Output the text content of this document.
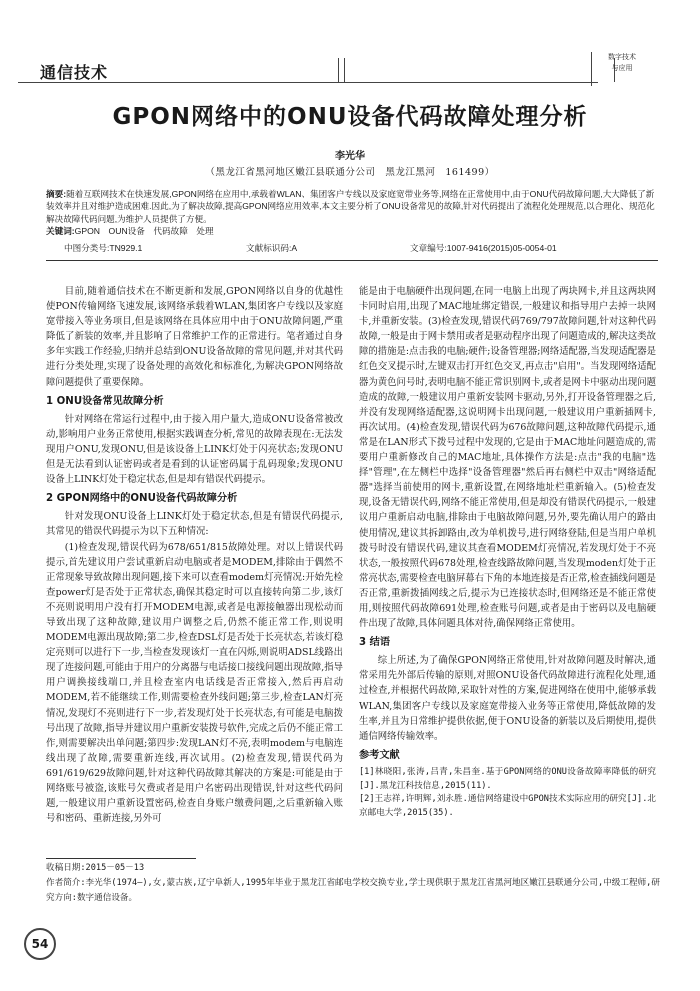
通信技术
数字技术
与应用
GPON网络中的ONU设备代码故障处理分析
李光华
（黑龙江省黑河地区嫩江县联通分公司　黑龙江黑河　161499）
摘要:随着互联网技术在快速发展,GPON网络在应用中,承载着WLAN、集团客户专线以及家庭宽带业务等,网络在正常使用中,由于ONU代码故障问题,大大降低了新装效率并且对维护造成困难.因此,为了解决故障,提高GPON网络应用效率,本文主要分析了ONU设备常见的故障,针对代码提出了流程化处理规范,以合理化、规范化解决故障代码问题,为维护人员提供了方便。
关键词:GPON　OUN设备　代码故障　处理
中图分类号:TN929.1	文献标识码:A	文章编号:1007-9416(2015)05-0054-01

目前,随着通信技术在不断更新和发展,GPON网络以自身的优越性使PON传输网络飞速发展,该网络承载着WLAN,集团客户专线以及家庭宽带接入等业务项目,但是该网络在具体应用中由于ONU故障问题,严重降低了新装的效率,并且影响了日常维护工作的正常进行。笔者通过自身多年实践工作经验,归纳并总结到ONU设备故障的常见问题,并对其代码进行分类处理,实现了设备处理的高效化和标准化,为解决GPON网络故障问题提供了重要保障。

1 ONU设备常见故障分析

针对网络在常运行过程中,由于接入用户量大,造成ONU设备常被改动,影响用户业务正常使用,根据实践调查分析,常见的故障表现在:无法发现用户ONU,发现ONU,但是该设备上LINK灯处于闪亮状态;发现ONU但是无法看到认证密码或者是看到的认证密码属于乱码现象;发现ONU设备上LINK灯处于稳定状态,但是却有错误代码提示。

2 GPON网络中的ONU设备代码故障分析

针对发现ONU设备上LINK灯处于稳定状态,但是有错误代码提示,其常见的错误代码提示为以下五种情况:

(1)检查发现,错误代码为678/651/815故障处理。对以上错误代码提示,首先建议用户尝试重新启动电脑或者是MODEM,排除由于偶然不正常现象导致故障出现问题,接下来可以查看modem灯亮情况:开始先检查power灯是否处于正常状态,确保其稳定时可以直接转向第二步,该灯不亮则说明用户没有打开MODEM电源,或者是电源接触器出现松动而导致出现了这种故障,建议用户调整之后,仍然不能正常工作,则说明MODEM电源出现故障;第二步,检查DSL灯是否处于长亮状态,若该灯稳定亮则可以进行下一步,当检查发现该灯一直在闪烁,则说明ADSL线路出现了连接问题,可能由于用户的分离器与电话接口接线问题出现故障,指导用户调换接线端口,并且检查室内电话线是否正常接入,然后再启动MODEM,若不能继续工作,则需要检查外线问题;第三步,检查LAN灯亮情况,发现灯不亮则进行下一步,若发现灯处于长亮状态,有可能是电脑拨号出现了故障,指导并建议用户重新安装拨号软件,完成之后仍不能正常工作,则需要解决出单问题;第四步:发现LAN灯不亮,表明modem与电脑连线出现了故障,需要重新连线,再次试用。(2)检查发现,错误代码为691/619/629故障问题,针对这种代码故障其解决的方案是:可能是由于网络账号被盗,该账号欠费或者是用户名密码出现错误,针对这些代码问题,一般建议用户重新设置密码,检查自身账户缴费问题,之后重新输入账号和密码、重新连接,另外可

能是由于电脑硬件出现问题,在同一电脑上出现了两块网卡,并且这两块网卡同时启用,出现了MAC地址绑定错误,一般建议和指导用户去掉一块网卡,并重新安装。(3)检查发现,错误代码769/797故障问题,针对这种代码故障,一般是由于网卡禁用或者是驱动程序出现了问题造成的,解决这类故障的措施是:点击我的电脑;硬件;设备管理器;网络适配器,当发现适配器是红色交叉提示时,左键双击打开红色交叉,再点击"启用"。当发现网络适配器为黄色问号时,表明电脑不能正常识别网卡,或者是网卡中驱动出现问题造成的故障,一般建议用户重新安装网卡驱动,另外,打开设备管理器之后,并没有发现网络适配器,这说明网卡出现问题,一般建议用户重新插网卡,再次试用。(4)检查发现,错误代码为676故障问题,这种故障代码提示,通常是在LAN形式下拨号过程中发现的,它是由于MAC地址问题造成的,需要用户重新修改自己的MAC地址,具体操作方法是:点击"我的电脑"选择"管理",在左侧栏中选择"设备管理器"然后再右侧栏中双击"网络适配器"选择当前使用的网卡,重新设置,在网络地址栏重新输入。(5)检查发现,设备无错误代码,网络不能正常使用,但是却没有错误代码提示,一般建议用户重新启动电脑,排除由于电脑故障问题,另外,要先确认用户的路由使用情况,建议其拆卸路由,改为单机拨号,进行网络登陆,但是当用户单机拨号时没有错误代码,建议其查看MODEM灯亮情况,若发现灯处于不亮状态,一般按照代码678处理,检查线路故障问题,当发现moden灯处于正常亮状态,需要检查电脑屏幕右下角的本地连接是否正常,检查插线问题是否正常,重新拨插网线之后,提示为已连接状态时,但网络还是不能正常使用,则按照代码故障691处理,检查账号问题,或者是由于密码以及电脑硬件出现了故障,具体问题具体对待,确保网络正常使用。

3 结语

综上所述,为了确保GPON网络正常使用,针对故障问题及时解决,通常采用先外部后传输的原则,对照ONU设备代码故障进行流程化处理,通过检查,并根据代码故障,采取针对性的方案,促进网络在使用中,能够承载WLAN,集团客户专线以及家庭宽带接入业务等正常使用,降低故障的发生率,并且为日常维护提供依据,便于ONU设备的新装以及后期使用,提供通信网络传输效率。

参考文献

[1]林晓阳,张涛,吕青,朱昌奎.基于GPON网络的ONU设备故障率降低的研究[J].黑龙江科技信息,2015(11).

[2]王志祥,许明辉,刘永胜.通信网络建设中GPON技术实际应用的研究[J].北京邮电大学,2015(35).

收稿日期:2015－05－13
作者简介:李光华(1974—),女,蒙古族,辽宁阜新人,1995年毕业于黑龙江省邮电学校交换专业,学士现供职于黑龙江省黑河地区嫩江县联通分公司,中级工程师,研究方向:数字通信设备。
54
